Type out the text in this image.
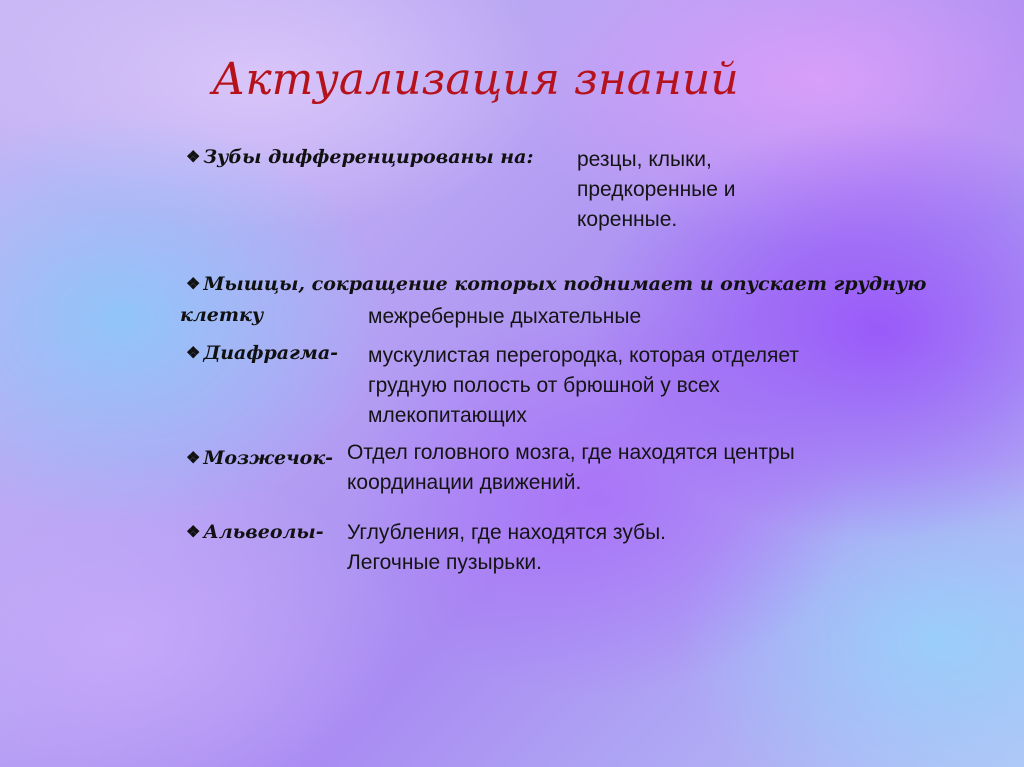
Актуализация знаний
❖ Зубы дифференцированы на: резцы, клыки,
предкоренные и
коренные.
❖ Мышцы, сокращение которых поднимает и опускает грудную
клетку	межреберные дыхательные
❖ Диафрагма- мускулистая перегородка, которая отделяет
грудную полость от брюшной у всех
млекопитающих
❖ Мозжечок- Отдел головного мозга, где находятся центры
координации движений.
❖ Альвеолы- Углубления, где находятся зубы.
Легочные пузырьки.
